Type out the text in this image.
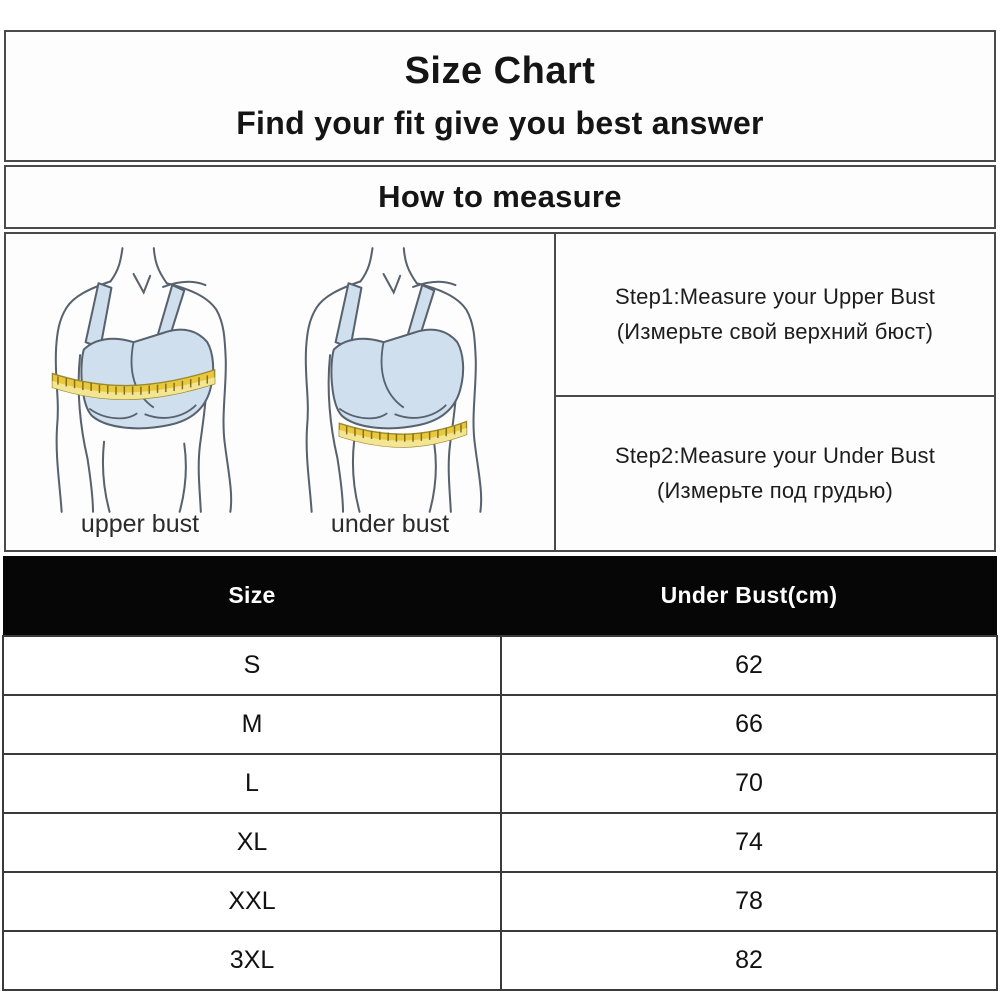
Size Chart
Find your fit give you best answer
How to measure
upper bust	under bust
Step1:Measure your Upper Bust
(Измерьте свой верхний бюст)
Step2:Measure your Under Bust
(Измерьте под грудью)
Size	Under Bust(cm)
S	62
M	66
L	70
XL	74
XXL	78
3XL	82
